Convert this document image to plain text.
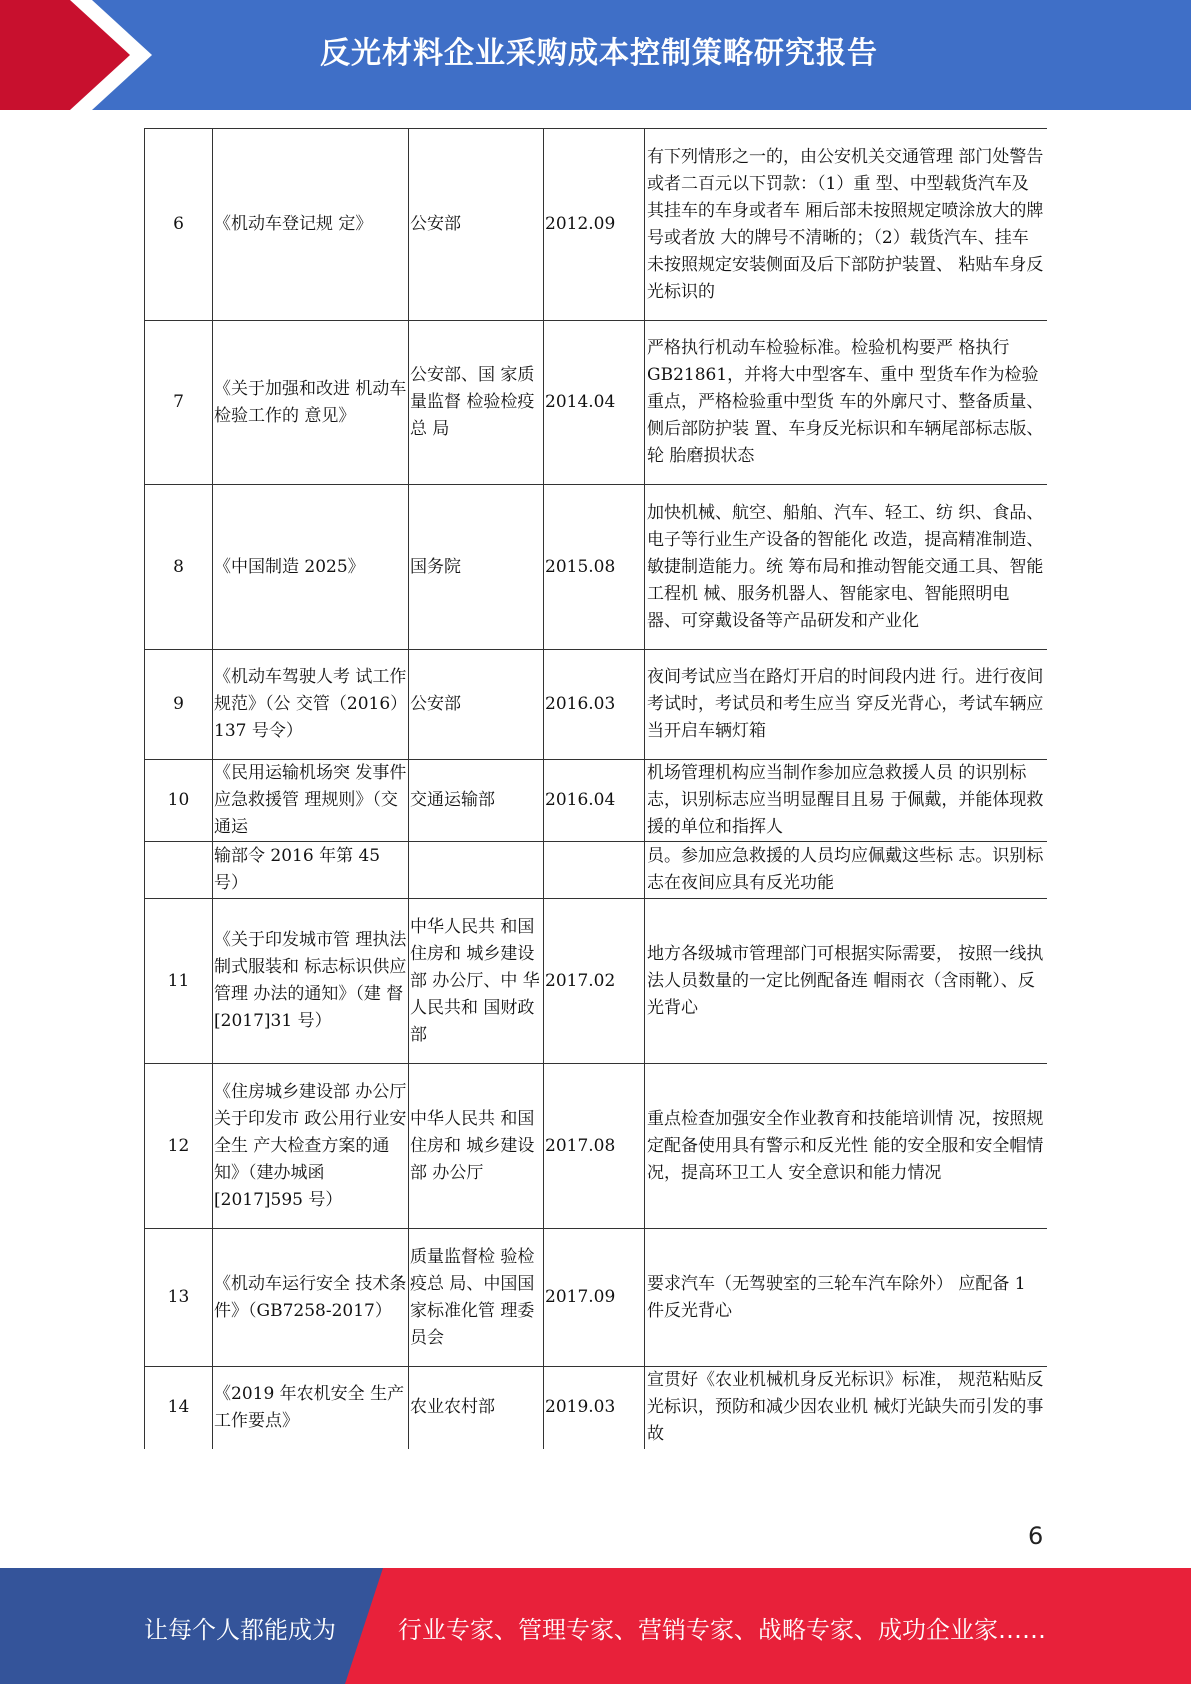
反光材料企业采购成本控制策略研究报告
6	《机动车登记规 定》	公安部	2012.09	有下列情形之一的，由公安机关交通管理 部门处警告或者二百元以下罚款：（1）重 型、中型载货汽车及其挂车的车身或者车 厢后部未按照规定喷涂放大的牌号或者放 大的牌号不清晰的；（2）载货汽车、挂车 未按照规定安装侧面及后下部防护装置、 粘贴车身反光标识的

7	《关于加强和改进 机动车检验工作的 意见》	公安部、国 家质量监督 检验检疫总 局	2014.04	严格执行机动车检验标准。检验机构要严 格执行 GB21861，并将大中型客车、重中 型货车作为检验重点，严格检验重中型货 车的外廓尺寸、整备质量、侧后部防护装 置、车身反光标识和车辆尾部标志版、轮 胎磨损状态

8	《中国制造 2025》	国务院	2015.08	加快机械、航空、船舶、汽车、轻工、纺 织、食品、电子等行业生产设备的智能化 改造，提高精准制造、敏捷制造能力。统 筹布局和推动智能交通工具、智能工程机 械、服务机器人、智能家电、智能照明电 器、可穿戴设备等产品研发和产业化

9	《机动车驾驶人考 试工作规范》（公 交管（2016）137 号令）	公安部	2016.03	夜间考试应当在路灯开启的时间段内进 行。进行夜间考试时，考试员和考生应当 穿反光背心，考试车辆应当开启车辆灯箱

10	《民用运输机场突 发事件应急救援管 理规则》（交通运	交通运输部	2016.04	机场管理机构应当制作参加应急救援人员 的识别标志，识别标志应当明显醒目且易 于佩戴，并能体现救援的单位和指挥人

	输部令 2016 年第 45 号）			员。参加应急救援的人员均应佩戴这些标 志。识别标志在夜间应具有反光功能

11	《关于印发城市管 理执法制式服装和 标志标识供应管理 办法的通知》（建 督[2017]31 号）	中华人民共 和国住房和 城乡建设部 办公厅、中 华人民共和 国财政部	2017.02	地方各级城市管理部门可根据实际需要， 按照一线执法人员数量的一定比例配备连 帽雨衣（含雨靴）、反光背心

12	《住房城乡建设部 办公厅关于印发市 政公用行业安全生 产大检查方案的通 知》（建办城函 [2017]595 号）	中华人民共 和国住房和 城乡建设部 办公厅	2017.08	重点检查加强安全作业教育和技能培训情 况，按照规定配备使用具有警示和反光性 能的安全服和安全帽情况，提高环卫工人 安全意识和能力情况

13	《机动车运行安全 技术条件》（GB7258-2017）	质量监督检 验检疫总 局、中国国 家标准化管 理委员会	2017.09	要求汽车（无驾驶室的三轮车汽车除外） 应配备 1 件反光背心

14	《2019 年农机安全 生产工作要点》	农业农村部	2019.03	宣贯好《农业机械机身反光标识》标准， 规范粘贴反光标识，预防和减少因农业机 械灯光缺失而引发的事故
6
让每个人都能成为	行业专家、管理专家、营销专家、战略专家、成功企业家……
